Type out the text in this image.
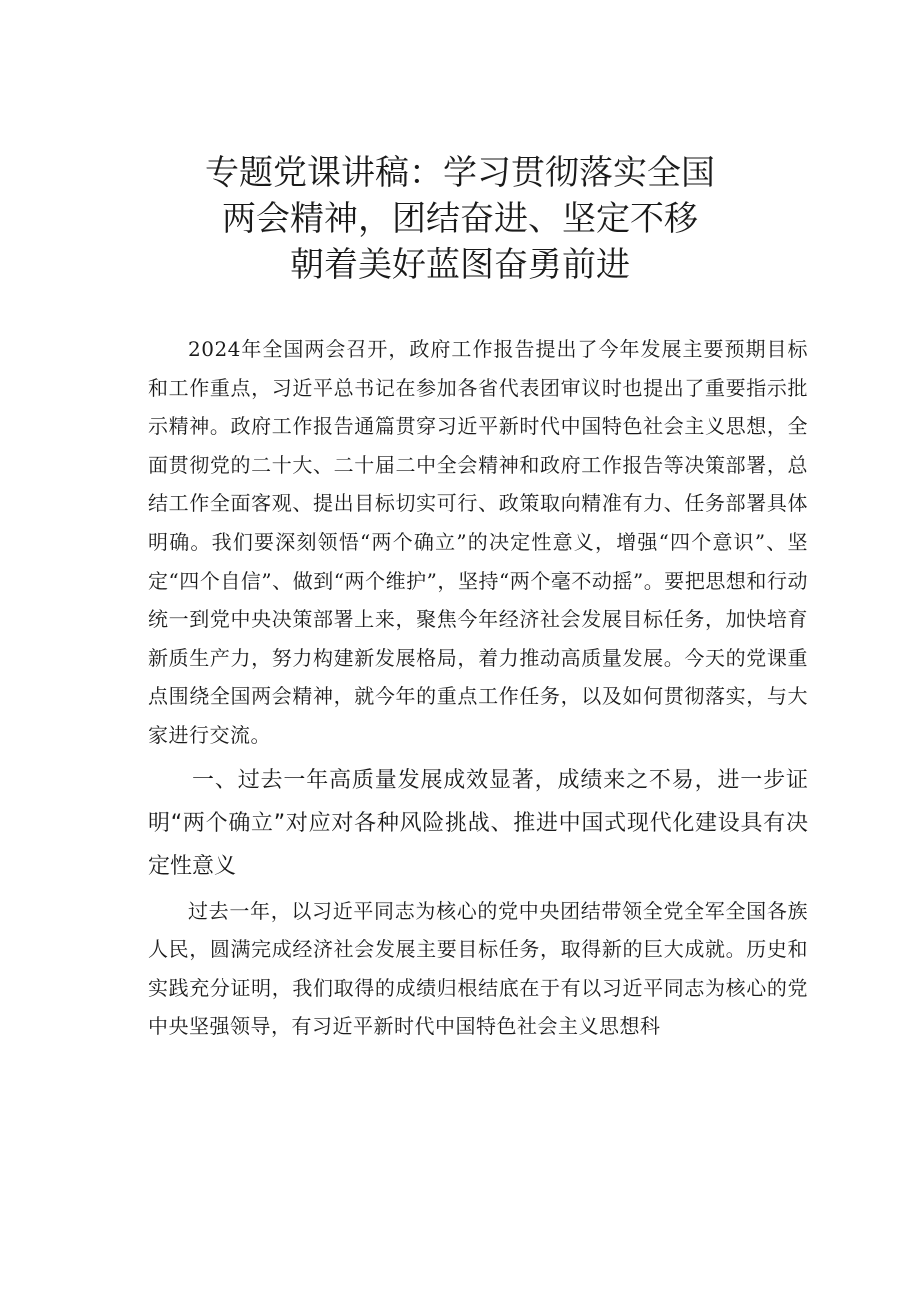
专题党课讲稿：学习贯彻落实全国
两会精神，团结奋进、坚定不移
朝着美好蓝图奋勇前进

2024年全国两会召开，政府工作报告提出了今年发展主要预期目标和工作重点，习近平总书记在参加各省代表团审议时也提出了重要指示批示精神。政府工作报告通篇贯穿习近平新时代中国特色社会主义思想，全面贯彻党的二十大、二十届二中全会精神和政府工作报告等决策部署，总结工作全面客观、提出目标切实可行、政策取向精准有力、任务部署具体明确。我们要深刻领悟“两个确立”的决定性意义，增强“四个意识”、坚定“四个自信”、做到“两个维护”，坚持“两个毫不动摇”。要把思想和行动统一到党中央决策部署上来，聚焦今年经济社会发展目标任务，加快培育新质生产力，努力构建新发展格局，着力推动高质量发展。今天的党课重点围绕全国两会精神，就今年的重点工作任务，以及如何贯彻落实，与大家进行交流。

一、过去一年高质量发展成效显著，成绩来之不易，进一步证明“两个确立”对应对各种风险挑战、推进中国式现代化建设具有决定性意义

过去一年，以习近平同志为核心的党中央团结带领全党全军全国各族人民，圆满完成经济社会发展主要目标任务，取得新的巨大成就。历史和实践充分证明，我们取得的成绩归根结底在于有以习近平同志为核心的党中央坚强领导，有习近平新时代中国特色社会主义思想科
